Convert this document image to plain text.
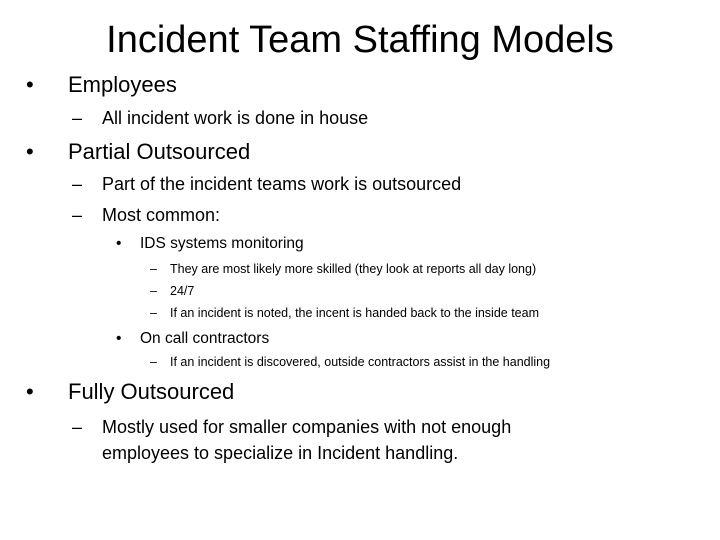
Incident Team Staffing Models
•	Employees
–	All incident work is done in house
•	Partial Outsourced
–	Part of the incident teams work is outsourced
–	Most common:
•	IDS systems monitoring
–	They are most likely more skilled (they look at reports all day long)
–	24/7
–	If an incident is noted, the incent is handed back to the inside team
•	On call contractors
–	If an incident is discovered, outside contractors assist in the handling
•	Fully Outsourced
–	Mostly used for smaller companies with not enough
employees to specialize in Incident handling.
